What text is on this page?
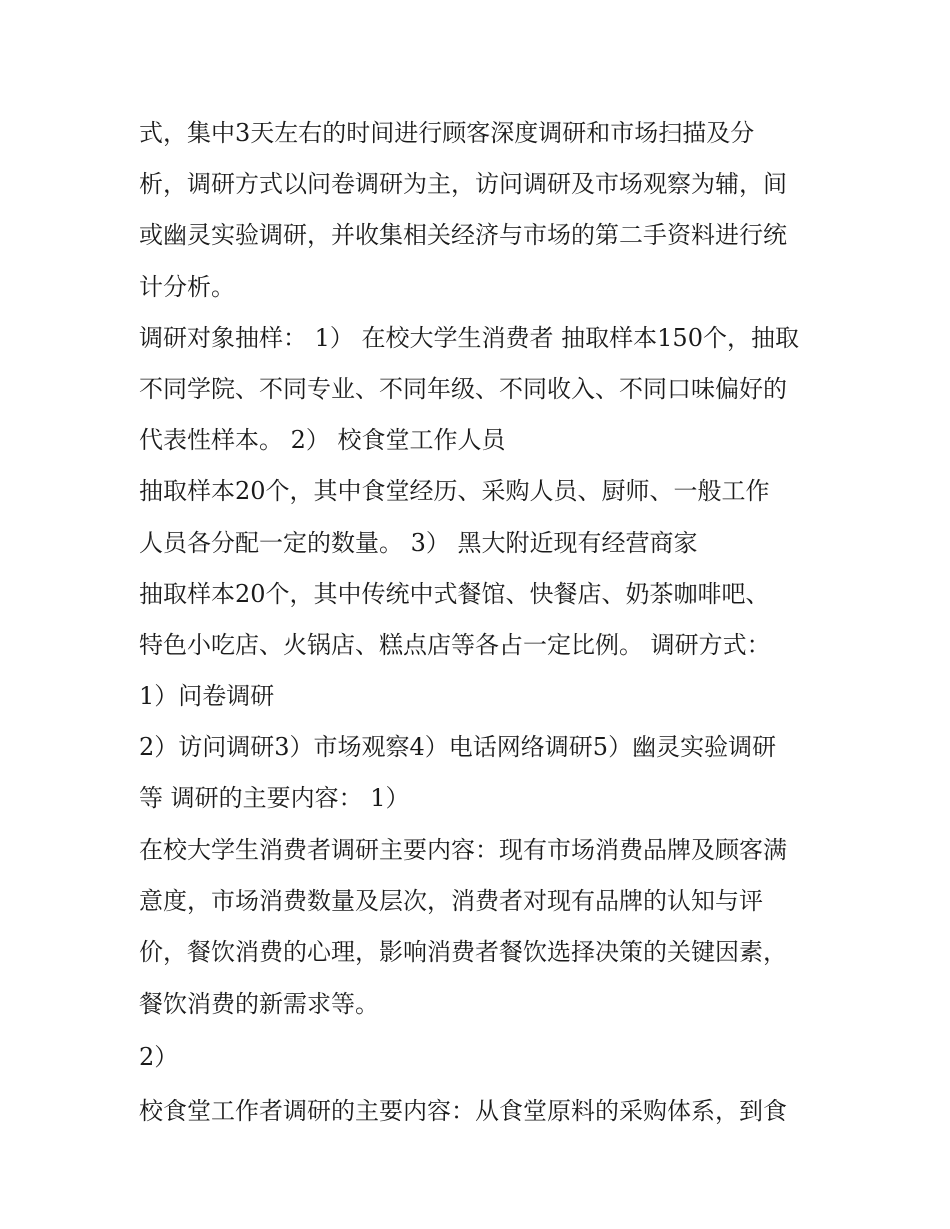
式，集中3天左右的时间进行顾客深度调研和市场扫描及分
析，调研方式以问卷调研为主，访问调研及市场观察为辅，间
或幽灵实验调研，并收集相关经济与市场的第二手资料进行统
计分析。
调研对象抽样： 1） 在校大学生消费者 抽取样本150个，抽取
不同学院、不同专业、不同年级、不同收入、不同口味偏好的
代表性样本。 2） 校食堂工作人员
抽取样本20个，其中食堂经历、采购人员、厨师、一般工作
人员各分配一定的数量。 3） 黑大附近现有经营商家
抽取样本20个，其中传统中式餐馆、快餐店、奶茶咖啡吧、
特色小吃店、火锅店、糕点店等各占一定比例。 调研方式：
1）问卷调研
2）访问调研3）市场观察4）电话网络调研5）幽灵实验调研
等 调研的主要内容： 1）
在校大学生消费者调研主要内容：现有市场消费品牌及顾客满
意度，市场消费数量及层次，消费者对现有品牌的认知与评
价，餐饮消费的心理，影响消费者餐饮选择决策的关键因素，
餐饮消费的新需求等。
2）
校食堂工作者调研的主要内容：从食堂原料的采购体系，到食
